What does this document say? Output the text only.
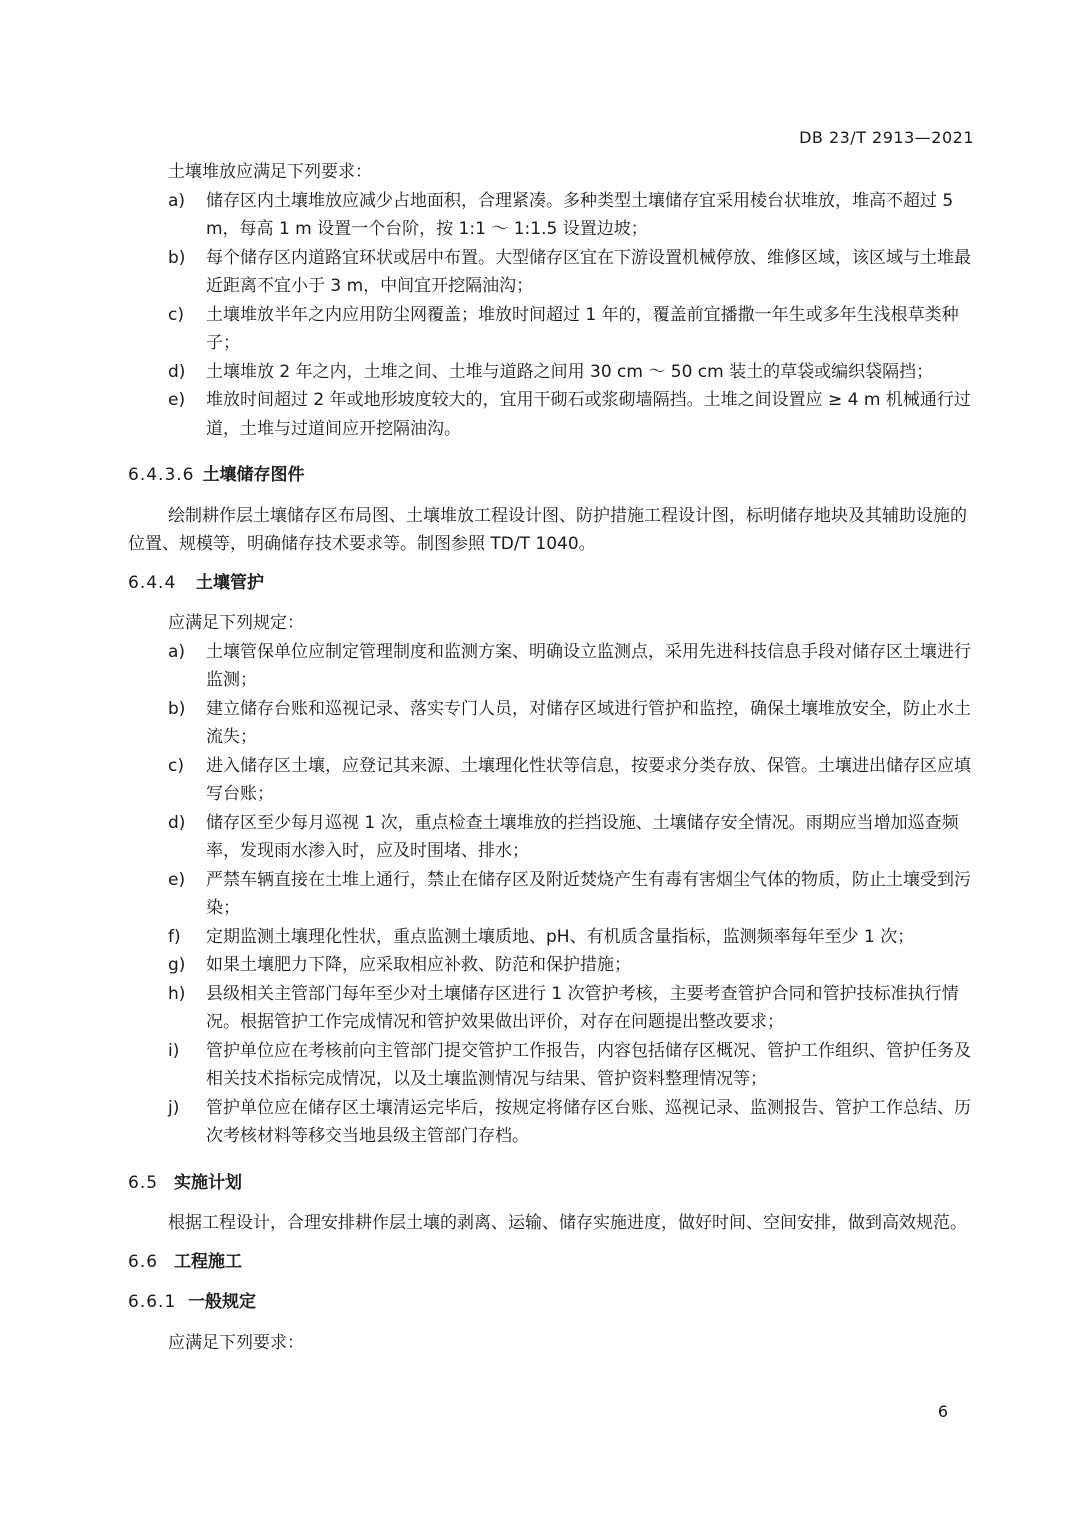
DB 23/T 2913—2021
土壤堆放应满足下列要求：
a) 储存区内土壤堆放应减少占地面积，合理紧凑。多种类型土壤储存宜采用棱台状堆放，堆高不超过 5 m，每高 1 m 设置一个台阶，按 1:1 ～ 1:1.5 设置边坡；
b) 每个储存区内道路宜环状或居中布置。大型储存区宜在下游设置机械停放、维修区域，该区域与土堆最近距离不宜小于 3 m，中间宜开挖隔油沟；
c) 土壤堆放半年之内应用防尘网覆盖；堆放时间超过 1 年的，覆盖前宜播撒一年生或多年生浅根草类种子；
d) 土壤堆放 2 年之内，土堆之间、土堆与道路之间用 30 cm ～ 50 cm 装土的草袋或编织袋隔挡；
e) 堆放时间超过 2 年或地形坡度较大的，宜用干砌石或浆砌墙隔挡。土堆之间设置应 ≥ 4 m 机械通行过道，土堆与过道间应开挖隔油沟。
6.4.3.6 土壤储存图件
绘制耕作层土壤储存区布局图、土壤堆放工程设计图、防护措施工程设计图，标明储存地块及其辅助设施的位置、规模等，明确储存技术要求等。制图参照 TD/T 1040。
6.4.4 土壤管护
应满足下列规定：
a) 土壤管保单位应制定管理制度和监测方案、明确设立监测点，采用先进科技信息手段对储存区土壤进行监测；
b) 建立储存台账和巡视记录、落实专门人员，对储存区域进行管护和监控，确保土壤堆放安全，防止水土流失；
c) 进入储存区土壤，应登记其来源、土壤理化性状等信息，按要求分类存放、保管。土壤进出储存区应填写台账；
d) 储存区至少每月巡视 1 次，重点检查土壤堆放的拦挡设施、土壤储存安全情况。雨期应当增加巡查频率，发现雨水渗入时，应及时围堵、排水；
e) 严禁车辆直接在土堆上通行，禁止在储存区及附近焚烧产生有毒有害烟尘气体的物质，防止土壤受到污染；
f) 定期监测土壤理化性状，重点监测土壤质地、pH、有机质含量指标，监测频率每年至少 1 次；
g) 如果土壤肥力下降，应采取相应补救、防范和保护措施；
h) 县级相关主管部门每年至少对土壤储存区进行 1 次管护考核，主要考查管护合同和管护技标准执行情况。根据管护工作完成情况和管护效果做出评价，对存在问题提出整改要求；
i) 管护单位应在考核前向主管部门提交管护工作报告，内容包括储存区概况、管护工作组织、管护任务及相关技术指标完成情况，以及土壤监测情况与结果、管护资料整理情况等；
j) 管护单位应在储存区土壤清运完毕后，按规定将储存区台账、巡视记录、监测报告、管护工作总结、历次考核材料等移交当地县级主管部门存档。
6.5 实施计划
根据工程设计，合理安排耕作层土壤的剥离、运输、储存实施进度，做好时间、空间安排，做到高效规范。
6.6 工程施工
6.6.1 一般规定
应满足下列要求：
6
